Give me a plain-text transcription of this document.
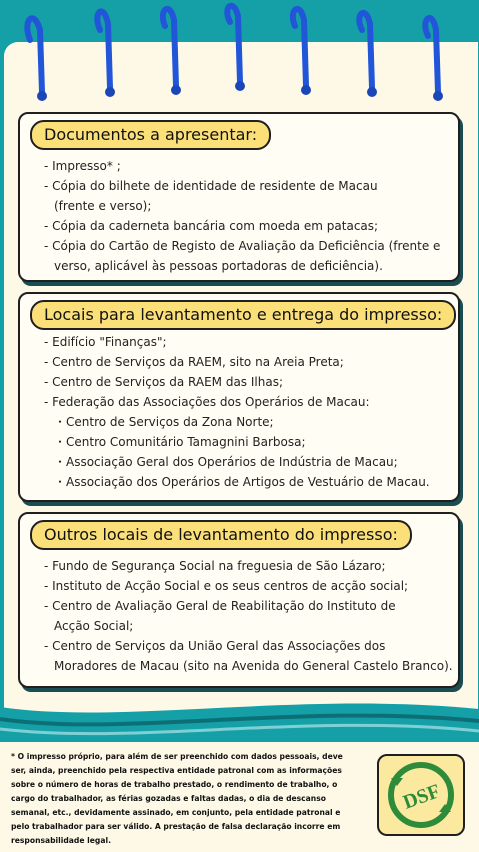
Documentos a apresentar:
- Impresso* ;
- Cópia do bilhete de identidade de residente de Macau
(frente e verso);
- Cópia da caderneta bancária com moeda em patacas;
- Cópia do Cartão de Registo de Avaliação da Deficiência (frente e
verso, aplicável às pessoas portadoras de deficiência).
Locais para levantamento e entrega do impresso:
- Edifício "Finanças";
- Centro de Serviços da RAEM, sito na Areia Preta;
- Centro de Serviços da RAEM das Ilhas;
- Federação das Associações dos Operários de Macau:
・Centro de Serviços da Zona Norte;
・Centro Comunitário Tamagnini Barbosa;
・Associação Geral dos Operários de Indústria de Macau;
・Associação dos Operários de Artigos de Vestuário de Macau.
Outros locais de levantamento do impresso:
- Fundo de Segurança Social na freguesia de São Lázaro;
- Instituto de Acção Social e os seus centros de acção social;
- Centro de Avaliação Geral de Reabilitação do Instituto de
Acção Social;
- Centro de Serviços da União Geral das Associações dos
Moradores de Macau (sito na Avenida do General Castelo Branco).
* O impresso próprio, para além de ser preenchido com dados pessoais, deve ser, ainda, preenchido pela respectiva entidade patronal com as informações sobre o número de horas de trabalho prestado, o rendimento de trabalho, o cargo do trabalhador, as férias gozadas e faltas dadas, o dia de descanso semanal, etc., devidamente assinado, em conjunto, pela entidade patronal e pelo trabalhador para ser válido. A prestação de falsa declaração incorre em responsabilidade legal.
DSF
